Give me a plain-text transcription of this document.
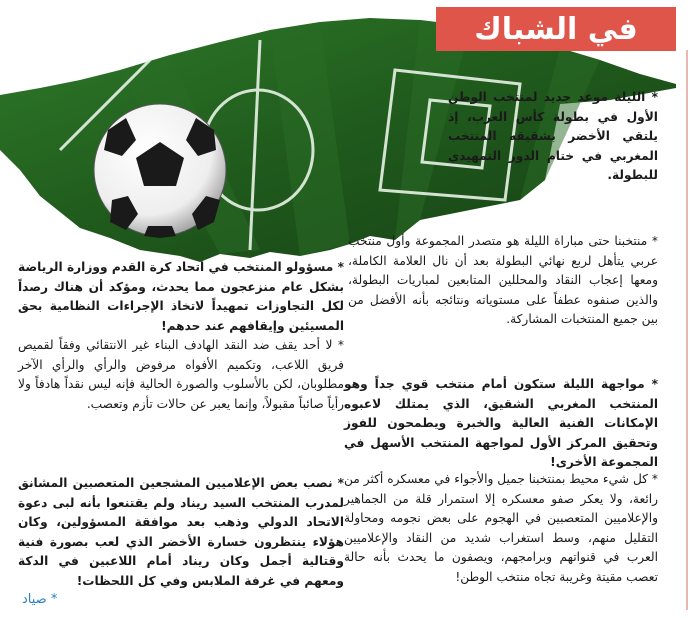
في الشباك
* الليلة موعد جديد لمنتخب الوطن الأول في بطولة كأس العرب، إذ يلتقي الأخضر بشقيقه المنتخب المغربي في ختام الدور التمهيدي للبطولة.
* منتخبنا حتى مباراة الليلة هو متصدر المجموعة وأول منتخب عربي يتأهل لربع نهائي البطولة بعد أن نال العلامة الكاملة، ومعها إعجاب النقاد والمحللين المتابعين لمباريات البطولة، والذين صنفوه عطفاً على مستوياته ونتائجه بأنه الأفضل من بين جميع المنتخبات المشاركة.
* مواجهة الليلة ستكون أمام منتخب قوي جداً وهو المنتخب المغربي الشقيق، الذي يمتلك لاعبوه الإمكانات الفنية العالية والخبرة ويطمحون للفوز وتحقيق المركز الأول لمواجهة المنتخب الأسهل في المجموعة الأخرى!
* كل شيء محيط بمنتخبنا جميل والأجواء في معسكره أكثر من رائعة، ولا يعكر صفو معسكره إلا استمرار قلة من الجماهير والإعلاميين المتعصبين في الهجوم على بعض نجومه ومحاولة التقليل منهم، وسط استغراب شديد من النقاد والإعلاميين العرب في قنواتهم وبرامجهم، ويصفون ما يحدث بأنه حالة تعصب مقيتة وغريبة تجاه منتخب الوطن!
* مسؤولو المنتخب في اتحاد كرة القدم ووزارة الرياضة بشكل عام منزعجون مما يحدث، ومؤكد أن هناك رصداً لكل التجاوزات تمهيداً لاتخاذ الإجراءات النظامية بحق المسيئين وإيقافهم عند حدهم!
* لا أحد يقف ضد النقد الهادف البناء غير الانتقائي وفقاً لقميص فريق اللاعب، وتكميم الأفواه مرفوض والرأي والرأي الآخر مطلوبان، لكن بالأسلوب والصورة الحالية فإنه ليس نقداً هادفاً ولا رأياً صائباً مقبولاً، وإنما يعبر عن حالات تأزم وتعصب.
* نصب بعض الإعلاميين المشجعين المتعصبين المشانق لمدرب المنتخب السيد ريناد ولم يقتنعوا بأنه لبى دعوة الاتحاد الدولي وذهب بعد موافقة المسؤولين، وكان هؤلاء ينتظرون خسارة الأخضر الذي لعب بصورة فنية وقتالية أجمل وكان ريناد أمام اللاعبين في الدكة ومعهم في غرفة الملابس وفي كل اللحظات!
* صياد
